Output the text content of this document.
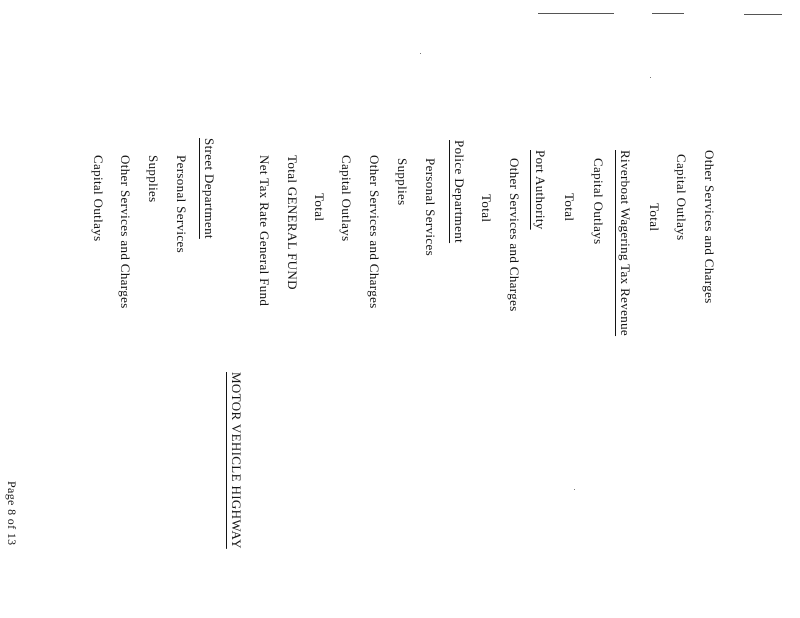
Other Services and Charges
Capital Outlays
Total
Riverboat Wagering Tax Revenue
Capital Outlays
Total
Port Authority
Other Services and Charges
Total
Police Department
Personal Services
Supplies
Other Services and Charges
Capital Outlays
Total
Total GENERAL FUND
Net Tax Rate General Fund
MOTOR VEHICLE HIGHWAY
Street Department
Personal Services
Supplies
Other Services and Charges
Capital Outlays
Page 8 of 13
